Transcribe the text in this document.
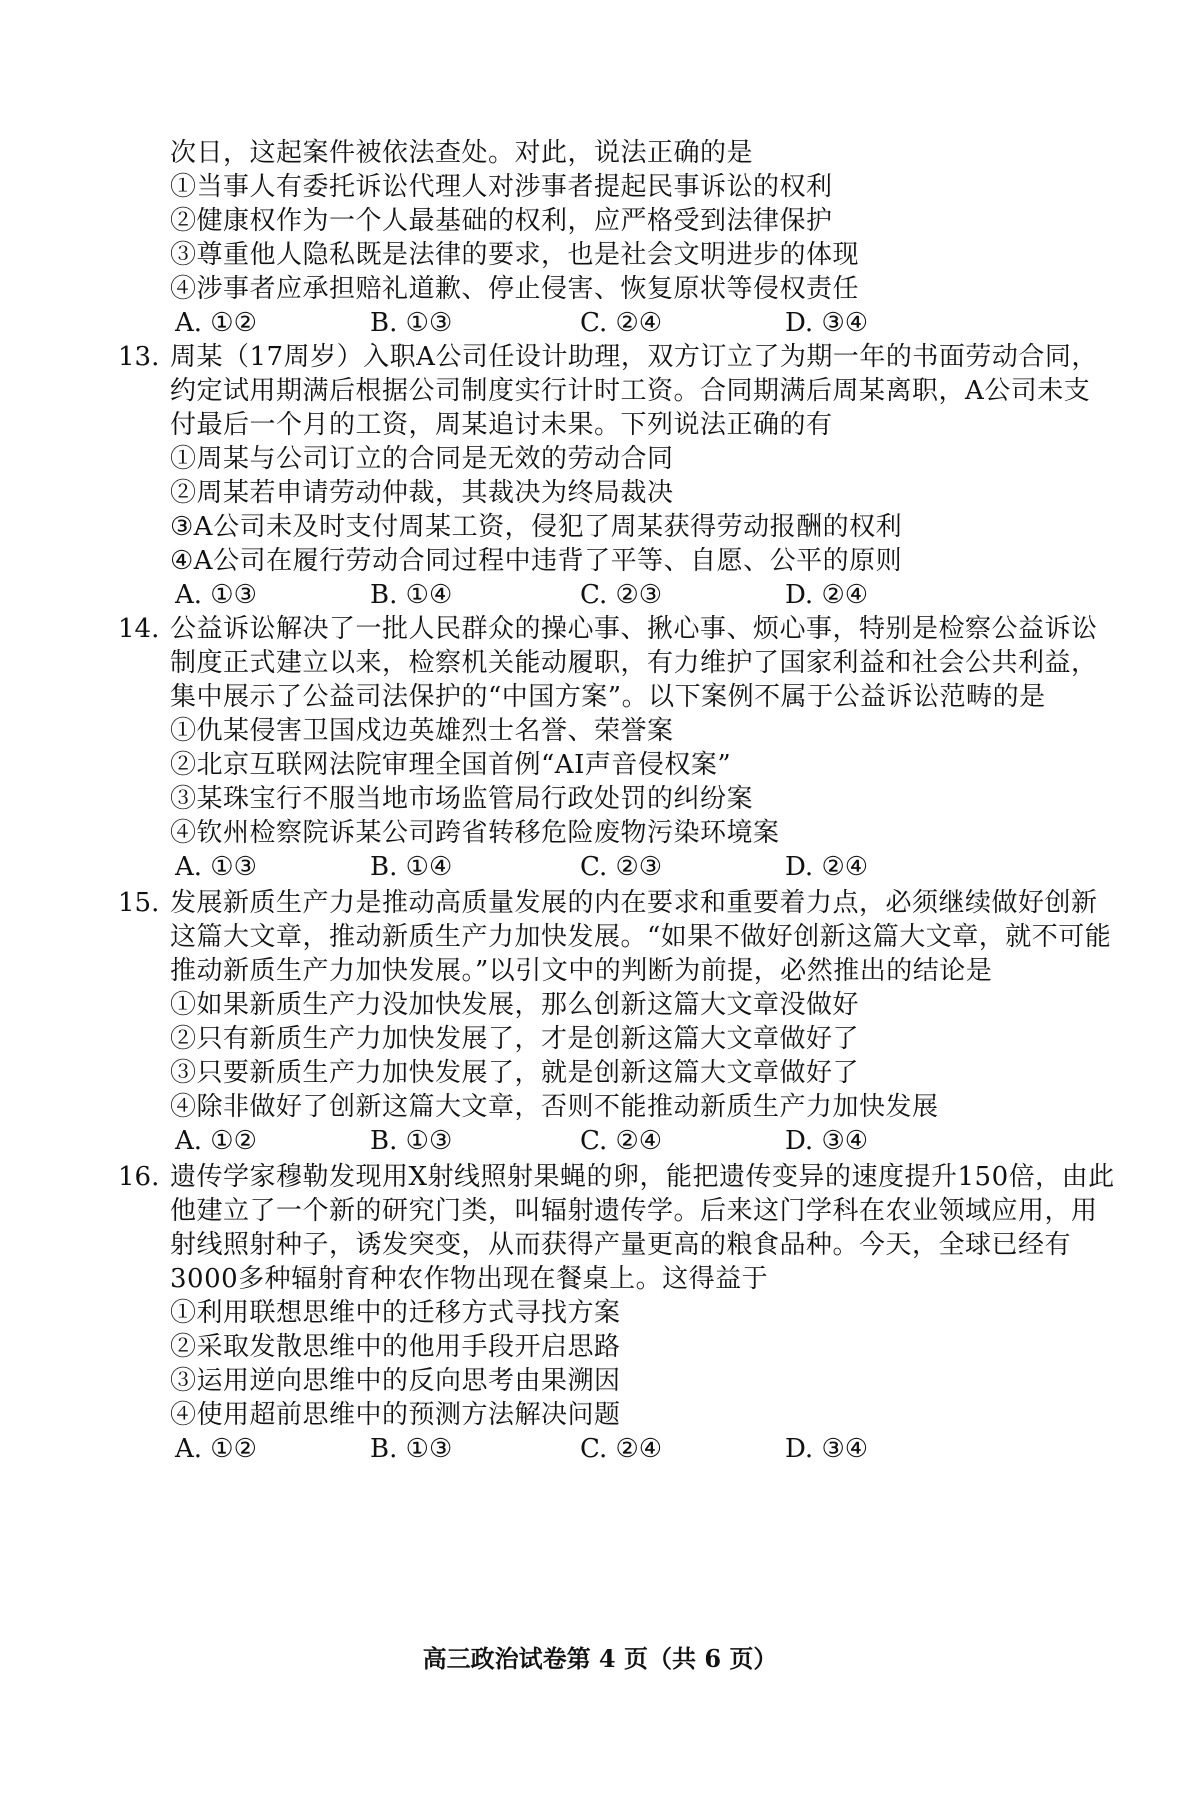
次日，这起案件被依法查处。对此，说法正确的是
①当事人有委托诉讼代理人对涉事者提起民事诉讼的权利
②健康权作为一个人最基础的权利，应严格受到法律保护
③尊重他人隐私既是法律的要求，也是社会文明进步的体现
④涉事者应承担赔礼道歉、停止侵害、恢复原状等侵权责任
A. ①②	B. ①③	C. ②④	D. ③④
13. 周某（17周岁）入职A公司任设计助理，双方订立了为期一年的书面劳动合同，
约定试用期满后根据公司制度实行计时工资。合同期满后周某离职，A公司未支
付最后一个月的工资，周某追讨未果。下列说法正确的有
①周某与公司订立的合同是无效的劳动合同
②周某若申请劳动仲裁，其裁决为终局裁决
③A公司未及时支付周某工资，侵犯了周某获得劳动报酬的权利
④A公司在履行劳动合同过程中违背了平等、自愿、公平的原则
A. ①③	B. ①④	C. ②③	D. ②④
14. 公益诉讼解决了一批人民群众的操心事、揪心事、烦心事，特别是检察公益诉讼
制度正式建立以来，检察机关能动履职，有力维护了国家利益和社会公共利益，
集中展示了公益司法保护的“中国方案”。以下案例不属于公益诉讼范畴的是
①仇某侵害卫国戍边英雄烈士名誉、荣誉案
②北京互联网法院审理全国首例“AI声音侵权案”
③某珠宝行不服当地市场监管局行政处罚的纠纷案
④钦州检察院诉某公司跨省转移危险废物污染环境案
A. ①③	B. ①④	C. ②③	D. ②④
15. 发展新质生产力是推动高质量发展的内在要求和重要着力点，必须继续做好创新
这篇大文章，推动新质生产力加快发展。“如果不做好创新这篇大文章，就不可能
推动新质生产力加快发展。”以引文中的判断为前提，必然推出的结论是
①如果新质生产力没加快发展，那么创新这篇大文章没做好
②只有新质生产力加快发展了，才是创新这篇大文章做好了
③只要新质生产力加快发展了，就是创新这篇大文章做好了
④除非做好了创新这篇大文章，否则不能推动新质生产力加快发展
A. ①②	B. ①③	C. ②④	D. ③④
16. 遗传学家穆勒发现用X射线照射果蝇的卵，能把遗传变异的速度提升150倍，由此
他建立了一个新的研究门类，叫辐射遗传学。后来这门学科在农业领域应用，用
射线照射种子，诱发突变，从而获得产量更高的粮食品种。今天，全球已经有
3000多种辐射育种农作物出现在餐桌上。这得益于
①利用联想思维中的迁移方式寻找方案
②采取发散思维中的他用手段开启思路
③运用逆向思维中的反向思考由果溯因
④使用超前思维中的预测方法解决问题
A. ①②	B. ①③	C. ②④	D. ③④
高三政治试卷第 4 页（共 6 页）
